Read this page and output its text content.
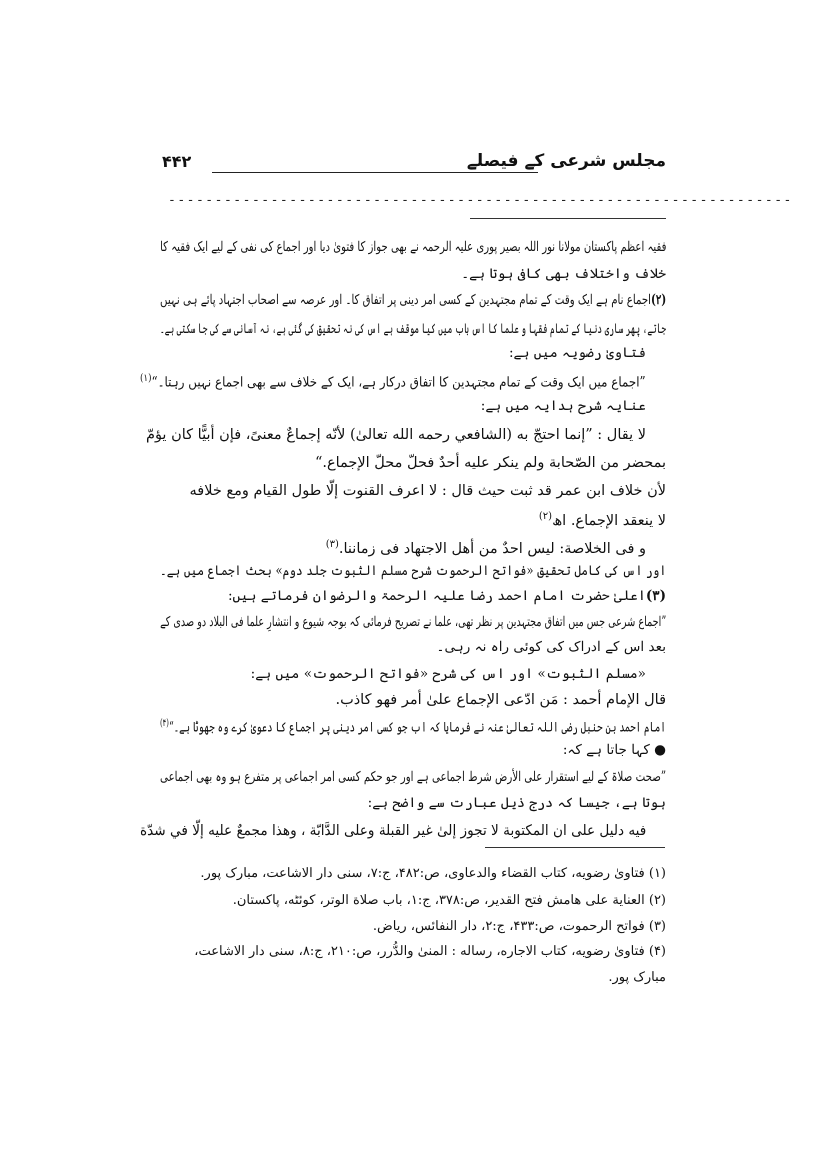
مجلس شرعی کے فیصلے
۴۴۲
-------------------------------------------------------------------
فقیہ اعظم پاکستان مولانا نور اللہ بصیر پوری علیہ الرحمہ نے بھی جواز کا فتویٰ دیا اور اجماع کی نفی کے لیے ایک فقیہ کا
خلاف واختلاف بھی کافی ہوتا ہے۔
(۲)اجماع نام ہے ایک وقت کے تمام مجتہدین کے کسی امر دینی پر اتفاق کا۔ اور عرصہ سے اصحاب اجتہاد پائے ہی نہیں
جاتے، پھر ساری دنیا کے تمام فقہا و علما کا اس باب میں کیا موقف ہے اس کی نہ تحقیق کی گئی ہے، نہ آسانی سے کی جا سکتی ہے۔
فتاویٰ رضویہ میں ہے:
”اجماع میں ایک وقت کے تمام مجتہدین کا اتفاق درکار ہے، ایک کے خلاف سے بھی اجماع نہیں رہتا۔“$^{(۱)}$
عنایہ شرح ہدایہ میں ہے:
لا یقال : ”إنما احتجّ به (الشافعي رحمه الله تعالیٰ) لأنّه إجماعٌ معنیً، فإن أبیًّا كان یؤمّ
بمحضر من الصّحابة ولم ینكر علیه أحدٌ فحلّ محلّ الإجماع.“
لأن خلاف ابن عمر قد ثبت حیث قال : لا اعرف القنوت إلّا طول القیام ومع خلافه
لا ینعقد الإجماع. اھ$^{(۲)}$
و فی الخلاصة: لیس احدٌ من أهل الاجتهاد فی زماننا.$^{(۳)}$
اور اس کی کامل تحقیق «فواتح الرحموت شرح مسلم الثبوت جلد دوم» بحث اجماع میں ہے۔
(۳)اعلیٰ حضرت امام احمد رضا علیہ الرحمۃ والرضوان فرماتے ہیں:
”اجماع شرعی جس میں اتفاق مجتہدین پر نظر تھی، علما نے تصریح فرمائی کہ بوجہ شیوع و انتشارِ علما فی البلاد دو صدی کے
بعد اس کے ادراک کی کوئی راہ نہ رہی۔
«مسلم الثبوت» اور اس کی شرح «فواتح الرحموت» میں ہے:
قال الإمام أحمد : مَن ادّعی الإجماع علیٰ أمر فهو كاذب.
امام احمد بن حنبل رضی اللہ تعالیٰ عنہ نے فرمایا کہ اب جو کسی امر دینی پر اجماع کا دعویٰ کرے وہ جھوٹا ہے۔“$^{(۴)}$
● کہا جاتا ہے کہ:
”صحت صلاۃ کے لیے استقرار علی الأرض شرط اجماعی ہے اور جو حکم کسی امر اجماعی پر متفرع ہو وہ بھی اجماعی
ہوتا ہے، جیسا کہ درج ذیل عبارت سے واضح ہے:
فیه دلیل علی ان المكتوبة لا تجوز إلیٰ غیر القبلة وعلی الدَّابّة ، وهذا مجمعٌ علیه إلّا في شدّة
(۱) فتاویٰ رضویه، كتاب القضاء والدعاوی، ص:۴۸۲، ج:۷، سنی دار الاشاعت، مبارک پور.
(۲) العنایة علی هامش فتح القدیر، ص:۳۷۸، ج:۱، باب صلاة الوتر، کوئٹه، پاکستان.
(۳) فواتح الرحموت، ص:۴۳۳، ج:۲، دار النفائس، ریاض.
(۴) فتاویٰ رضویه، كتاب الاجاره، رساله : المنیٰ والدُّرر، ص:۲۱۰، ج:۸، سنی دار الاشاعت،
مبارک پور.
